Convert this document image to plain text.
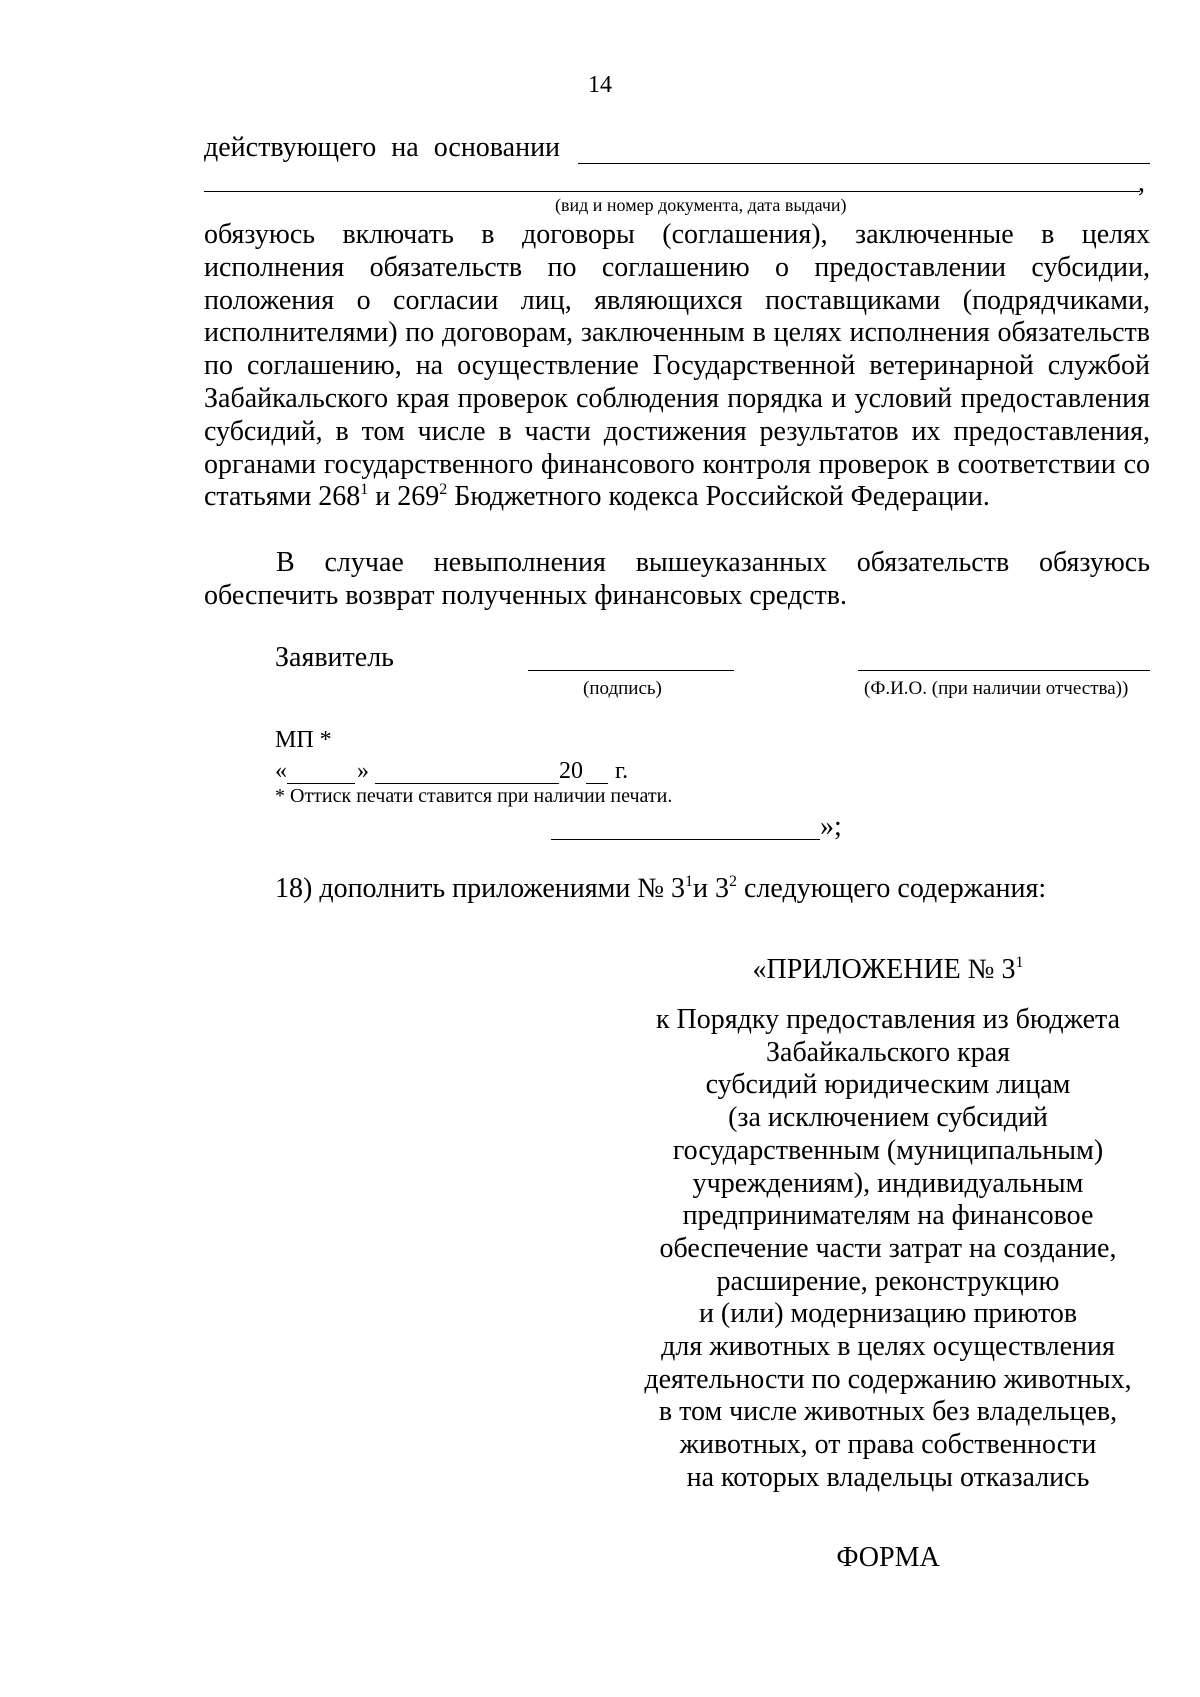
14
действующего на основании
,
(вид и номер документа, дата выдачи)

обязуюсь включать в договоры (соглашения), заключенные в целях исполнения обязательств по соглашению о предоставлении субсидии, положения о согласии лиц, являющихся поставщиками (подрядчиками, исполнителями) по договорам, заключенным в целях исполнения обязательств по соглашению, на осуществление Государственной ветеринарной службой Забайкальского края проверок соблюдения порядка и условий предоставления субсидий, в том числе в части достижения результатов их предоставления, органами государственного финансового контроля проверок в соответствии со статьями $268^1$ и $269^2$ Бюджетного кодекса Российской Федерации.

В случае невыполнения вышеуказанных обязательств обязуюсь обеспечить возврат полученных финансовых средств.

Заявитель
(подпись)	(Ф.И.О. (при наличии отчества))
МП *
«	»	20 г.
* Оттиск печати ставится при наличии печати.
»;
18) дополнить приложениями № $3^1и$ $3^2$ следующего содержания:
«ПРИЛОЖЕНИЕ № $3^1$
к Порядку предоставления из бюджета
Забайкальского края
субсидий юридическим лицам
(за исключением субсидий
государственным (муниципальным)
учреждениям), индивидуальным
предпринимателям на финансовое
обеспечение части затрат на создание,
расширение, реконструкцию
и (или) модернизацию приютов
для животных в целях осуществления
деятельности по содержанию животных,
в том числе животных без владельцев,
животных, от права собственности
на которых владельцы отказались
ФОРМА
